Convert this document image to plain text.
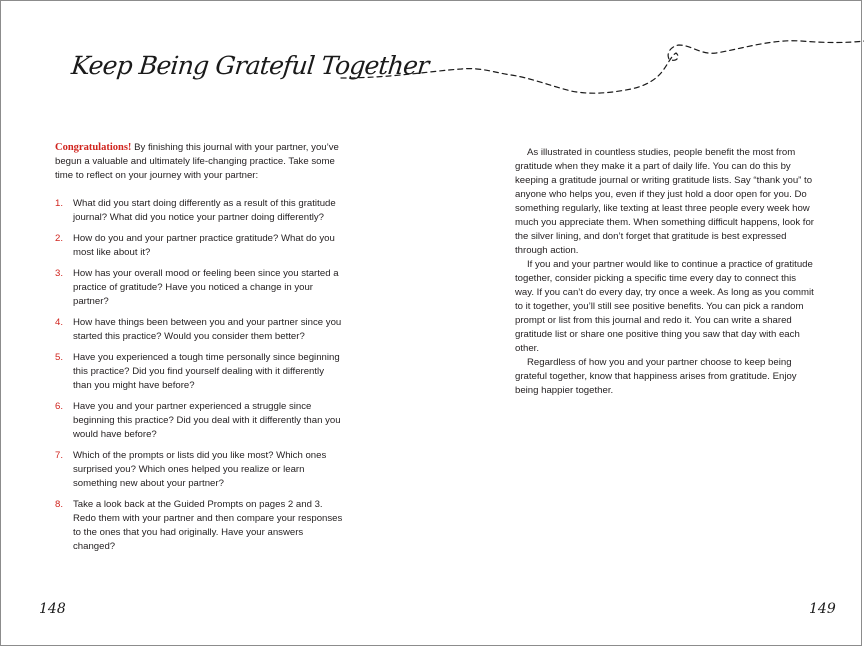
Keep Being Grateful Together

Congratulations! By finishing this journal with your partner, you’ve begun a valuable and ultimately life-changing practice. Take some time to reflect on your journey with your partner:

1. What did you start doing differently as a result of this gratitude journal? What did you notice your partner doing differently?
2. How do you and your partner practice gratitude? What do you most like about it?
3. How has your overall mood or feeling been since you started a practice of gratitude? Have you noticed a change in your partner?
4. How have things been between you and your partner since you started this practice? Would you consider them better?
5. Have you experienced a tough time personally since beginning this practice? Did you find yourself dealing with it differently than you might have before?
6. Have you and your partner experienced a struggle since beginning this practice? Did you deal with it differently than you would have before?
7. Which of the prompts or lists did you like most? Which ones surprised you? Which ones helped you realize or learn something new about your partner?
8. Take a look back at the Guided Prompts on pages 2 and 3. Redo them with your partner and then compare your responses to the ones that you had originally. Have your answers changed?

As illustrated in countless studies, people benefit the most from gratitude when they make it a part of daily life. You can do this by keeping a gratitude journal or writing gratitude lists. Say “thank you” to anyone who helps you, even if they just hold a door open for you. Do something regularly, like texting at least three people every week how much you appreciate them. When something difficult happens, look for the silver lining, and don’t forget that gratitude is best expressed through action.

If you and your partner would like to continue a practice of gratitude together, consider picking a specific time every day to connect this way. If you can’t do every day, try once a week. As long as you commit to it together, you’ll still see positive benefits. You can pick a random prompt or list from this journal and redo it. You can write a shared gratitude list or share one positive thing you saw that day with each other.

Regardless of how you and your partner choose to keep being grateful together, know that happiness arises from gratitude. Enjoy being happier together.

148	149
